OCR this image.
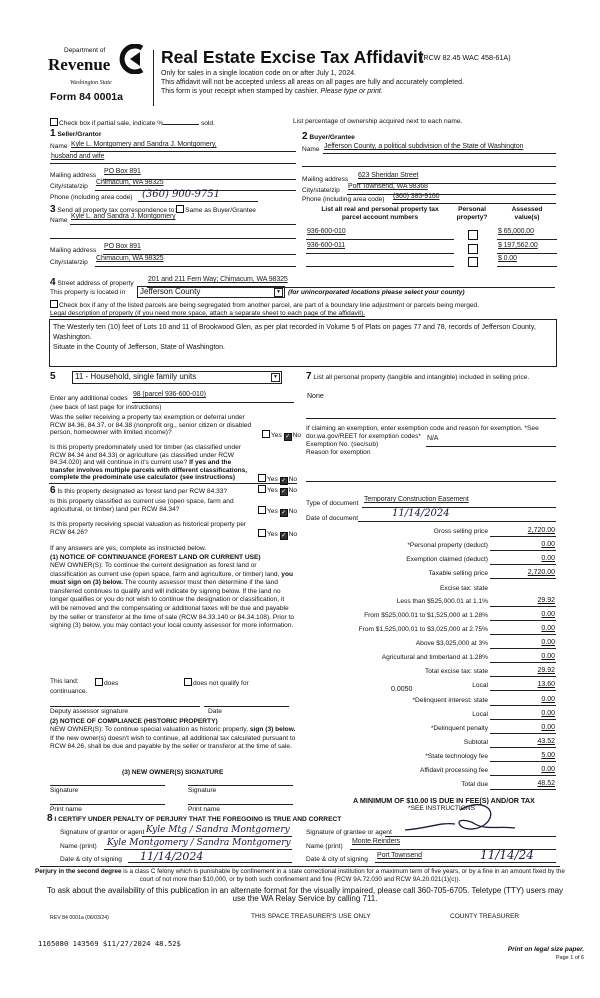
Department of
Revenue
Washington State
Form 84 0001a
Real Estate Excise Tax Affidavit
(RCW 82.45 WAC 458-61A)
Only for sales in a single location code on or after July 1, 2024.
This affidavit will not be accepted unless all areas on all pages are fully and accurately completed.
This form is your receipt when stamped by cashier. Please type or print.
Check box if partial sale, indicate %	sold.	List percentage of ownership acquired next to each name.
1 Seller/Grantor
Name Kyle L. Montgomery and Sandra J. Montgomery,
husband and wife
Mailing address
PO Box 891
City/state/zip
Chimacum, WA 98325
Phone (including area code) (360) 900-9751
2 Buyer/Grantee
Name Jefferson County, a political subdivision of the State of Washington
Mailing address
623 Sheridan Street
City/state/zip
Port Townsend, WA 98368
Phone (including area code) (360) 385-9160
3 Send all property tax correspondence to: Same as Buyer/Grantee
Name
Kyle L. and Sandra J. Montgomery
Mailing address
PO Box 891
City/state/zip
Chimacum, WA 98325
List all real and personal property tax
parcel account numbers
Personal
property?
Assessed
value(s)
936-600-010	$ 65,000.00
936-600-011	$ 197,562.00
$ 0.00
4 Street address of property
201 and 211 Fern Way; Chimacum, WA 98325
This property is located in	Jefferson County	▼	(for unincorporated locations please select your county)
Check box if any of the listed parcels are being segregated from another parcel, are part of a boundary line adjustment or parcels being merged.
Legal description of property (if you need more space, attach a separate sheet to each page of the affidavit).
The Westerly ten (10) feet of Lots 10 and 11 of Brookwood Glen, as per plat recorded in Volume 5 of Plats on pages 77 and 78, records of Jefferson County, Washington.
Situate in the County of Jefferson, State of Washington.
5	11 - Household, single family units	▼
Enter any additional codes
98 (parcel 936-600-010)
(see back of last page for instructions)
Was the seller receiving a property tax exemption or deferral under RCW 84.36, 84.37, or 84.38 (nonprofit org., senior citizen or disabled person, homeowner with limited income)?	Yes ✓ No
Is this property predominately used for timber (as classified under RCW 84.34 and 84.33) or agriculture (as classified under RCW 84.34.020) and will continue in it's current use? If yes and the transfer involves multiple parcels with different classifications, complete the predominate use calculator (see instructions)	Yes ✓ No
6 Is this property designated as forest land per RCW 84.33?	Yes ✓ No
Is this property classified as current use (open space, farm and agricultural, or timber) land per RCW 84.34?	Yes ✓ No
Is this property receiving special valuation as historical property per RCW 84.26?	Yes ✓ No
If any answers are yes, complete as instructed below.
(1) NOTICE OF CONTINUANCE (FOREST LAND OR CURRENT USE)
NEW OWNER(S): To continue the current designation as forest land or classification as current use (open space, farm and agriculture, or timber) land, you must sign on (3) below. The county assessor must then determine if the land transferred continues to qualify and will indicate by signing below. If the land no longer qualifies or you do not wish to continue the designation or classification, it will be removed and the compensating or additional taxes will be due and payable by the seller or transferor at the time of sale (RCW 84.33.140 or 84.34.108). Prior to signing (3) below, you may contact your local county assessor for more information.
This land:	does	does not qualify for
continuance.
Deputy assessor signature	Date
(2) NOTICE OF COMPLIANCE (HISTORIC PROPERTY)
NEW OWNER(S): To continue special valuation as historic property, sign (3) below. If the new owner(s) doesn't wish to continue, all additional tax calculated pursuant to RCW 84.26, shall be due and payable by the seller or transferor at the time of sale.
(3) NEW OWNER(S) SIGNATURE
Signature	Signature
Print name	Print name
7 List all personal property (tangible and intangible) included in selling price.
None
If claiming an exemption, enter exemption code and reason for exemption. *See dor.wa.gov/REET for exemption codes*
Exemption No. (sec/sub)
N/A
Reason for exemption
Type of document
Temporary Construction Easement
Date of document	11/14/2024
Gross selling price	2,720.00
*Personal property (deduct)	0.00
Exemption claimed (deduct)	0.00
Taxable selling price	2,720.00
Excise tax: state
Less than $525,000.01 at 1.1%	29.92
From $525,000.01 to $1,525,000 at 1.28%	0.00
From $1,525,000.01 to $3,025,000 at 2.75%	0.00
Above $3,025,000 at 3%	0.00
Agricultural and timberland at 1.28%	0.00
Total excise tax: state	29.92
Local	13.60
*Delinquent interest: state	0.00
Local	0.00
*Delinquent penalty	0.00
Subtotal	43.52
*State technology fee	5.00
Affidavit processing fee	0.00
Total due	48.52
0.0050
A MINIMUM OF $10.00 IS DUE IN FEE(S) AND/OR TAX
*SEE INSTRUCTIONS
8 I CERTIFY UNDER PENALTY OF PERJURY THAT THE FOREGOING IS TRUE AND CORRECT
Signature of grantor or agent Kyle Mtg / Sandra Montgomery
Name (print) Kyle Montgomery / Sandra Montgomery
Date & city of signing 11/14/2024
Signature of grantee or agent
Name (print)
Monte Reinders
Date & city of signing
Port Townsend	11/14/24
Perjury in the second degree is a class C felony which is punishable by confinement in a state correctional institution for a maximum term of five years, or by a fine in an amount fixed by the court of not more than $10,000, or by both such confinement and fine (RCW 9A.72.030 and RCW 9A.20.021(1)(c)).
To ask about the availability of this publication in an alternate format for the visually impaired, please call 360-705-6705. Teletype (TTY) users may use the WA Relay Service by calling 711.
REV 84 0001a (06/03/24)	THIS SPACE TREASURER'S USE ONLY	COUNTY TREASURER
1165080 143569 $11/27/2024 48.52$
Print on legal size paper.
Page 1 of 6
